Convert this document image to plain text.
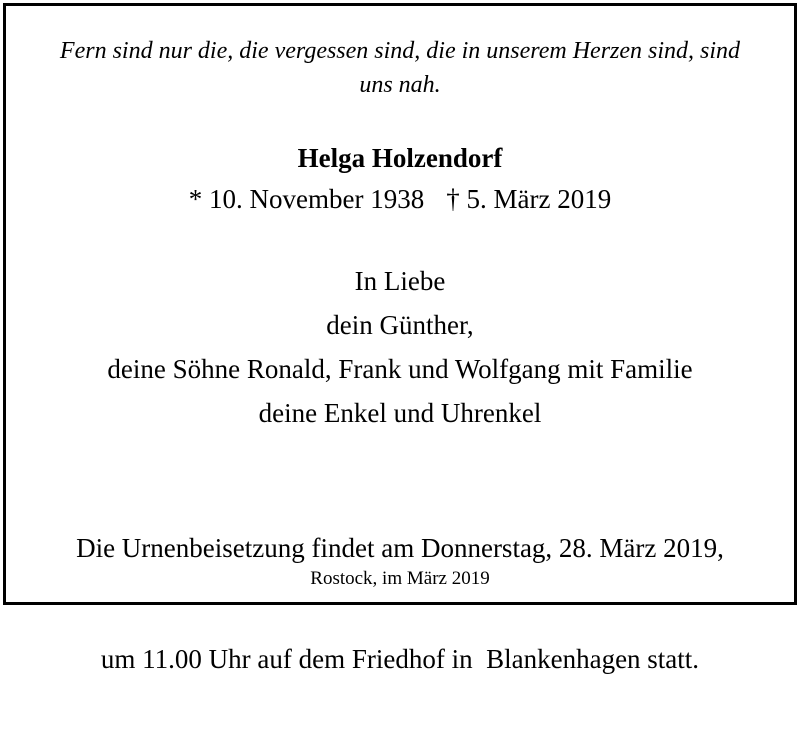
Fern sind nur die, die vergessen sind, die in unserem Herzen sind, sind
uns nah.
Helga Holzendorf
* 10. November 1938 † 5. März 2019
In Liebe
dein Günther,
deine Söhne Ronald, Frank und Wolfgang mit Familie
deine Enkel und Uhrenkel

Die Urnenbeisetzung findet am Donnerstag, 28. März 2019,

um 11.00 Uhr auf dem Friedhof in  Blankenhagen statt.

Rostock, im März 2019
